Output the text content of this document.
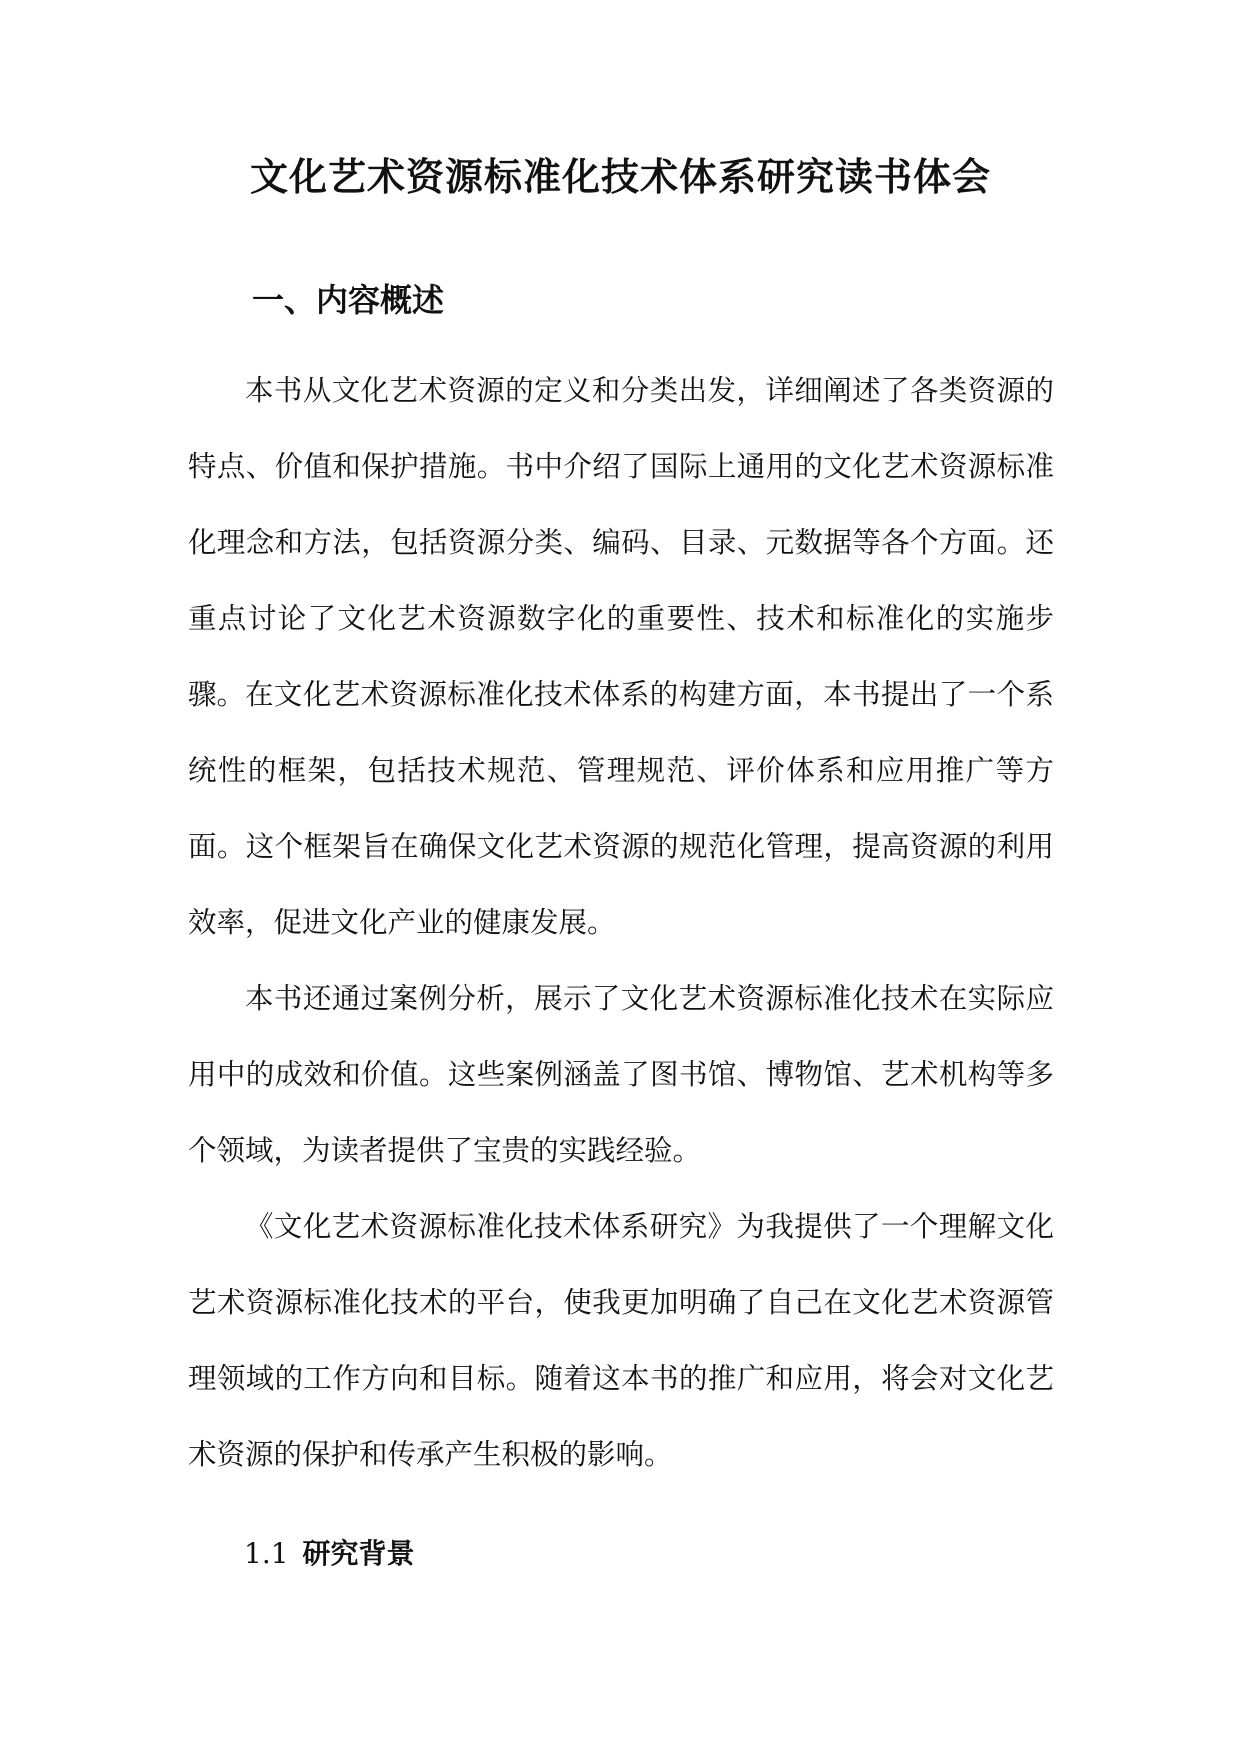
文化艺术资源标准化技术体系研究读书体会
一、内容概述

本书从文化艺术资源的定义和分类出发，详细阐述了各类资源的特点、价值和保护措施。书中介绍了国际上通用的文化艺术资源标准化理念和方法，包括资源分类、编码、目录、元数据等各个方面。还重点讨论了文化艺术资源数字化的重要性、技术和标准化的实施步骤。 在文化艺术资源标准化技术体系的构建方面，本书提出了一个系统性的框架，包括技术规范、管理规范、评价体系和应用推广等方面。这个框架旨在确保文化艺术资源的规范化管理，提高资源的利用效率，促进文化产业的健康发展。

本书还通过案例分析，展示了文化艺术资源标准化技术在实际应用中的成效和价值。这些案例涵盖了图书馆、博物馆、艺术机构等多个领域，为读者提供了宝贵的实践经验。

《文化艺术资源标准化技术体系研究》为我提供了一个理解文化艺术资源标准化技术的平台，使我更加明确了自己在文化艺术资源管理领域的工作方向和目标。随着这本书的推广和应用，将会对文化艺术资源的保护和传承产生积极的影响。

1.1 研究背景
